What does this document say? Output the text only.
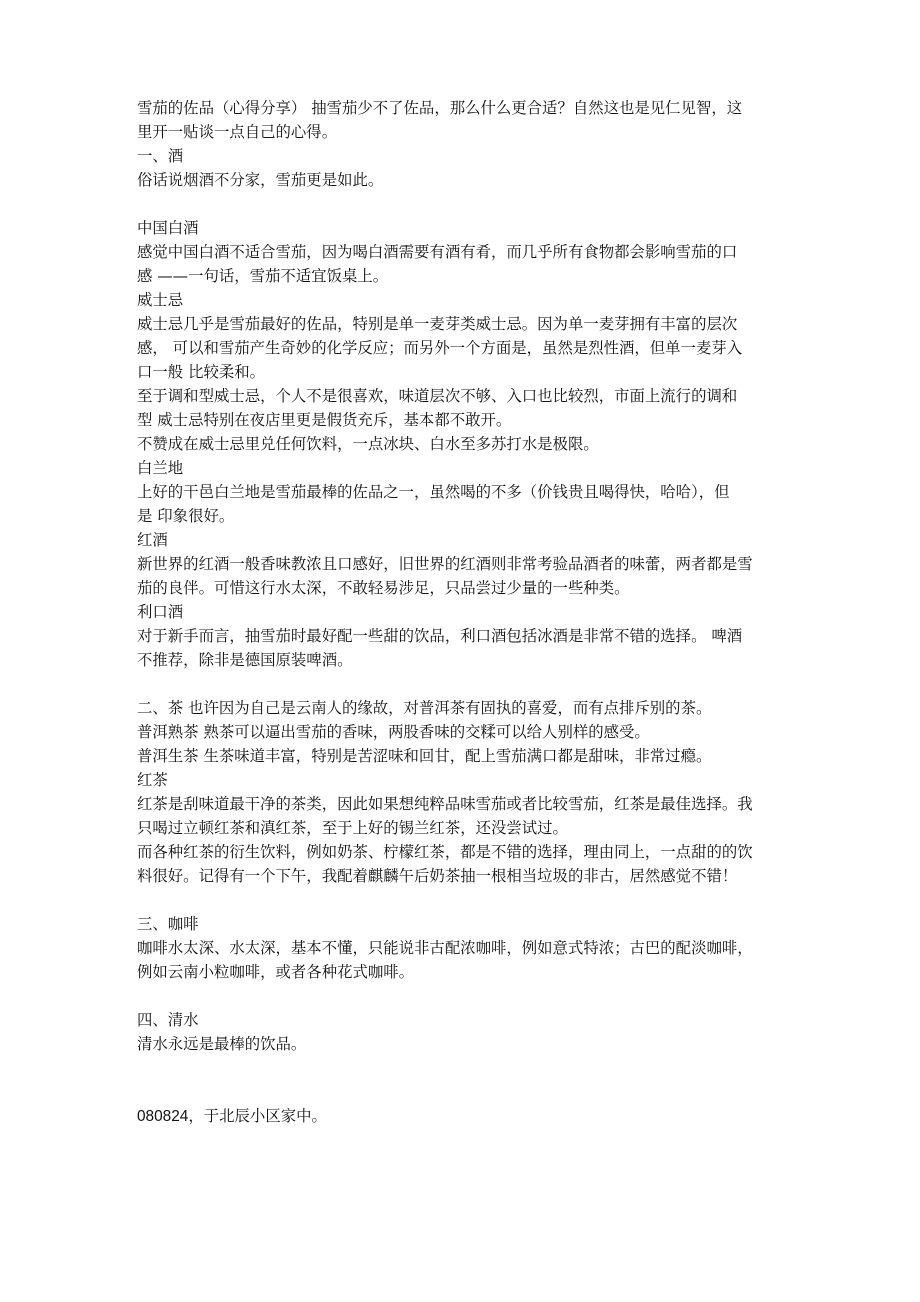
雪茄的佐品（心得分享） 抽雪茄少不了佐品，那么什么更合适？自然这也是见仁见智，这

里开一贴谈一点自己的心得。

一、酒

俗话说烟酒不分家，雪茄更是如此。

中国白酒

感觉中国白酒不适合雪茄，因为喝白酒需要有酒有肴，而几乎所有食物都会影响雪茄的口

感 ——一句话，雪茄不适宜饭桌上。

威士忌

威士忌几乎是雪茄最好的佐品，特别是单一麦芽类威士忌。因为单一麦芽拥有丰富的层次

感， 可以和雪茄产生奇妙的化学反应；而另外一个方面是，虽然是烈性酒，但单一麦芽入

口一般 比较柔和。

至于调和型威士忌，个人不是很喜欢，味道层次不够、入口也比较烈，市面上流行的调和

型 威士忌特别在夜店里更是假货充斥，基本都不敢开。

不赞成在威士忌里兑任何饮料，一点冰块、白水至多苏打水是极限。

白兰地

上好的干邑白兰地是雪茄最棒的佐品之一，虽然喝的不多（价钱贵且喝得快，哈哈），但

是 印象很好。

红酒

新世界的红酒一般香味教浓且口感好，旧世界的红酒则非常考验品酒者的味蕾，两者都是雪

茄的良伴。可惜这行水太深，不敢轻易涉足，只品尝过少量的一些种类。

利口酒

对于新手而言，抽雪茄时最好配一些甜的饮品，利口酒包括冰酒是非常不错的选择。 啤酒

不推荐，除非是德国原装啤酒。

二、茶 也许因为自己是云南人的缘故，对普洱茶有固执的喜爱，而有点排斥别的茶。

普洱熟茶 熟茶可以逼出雪茄的香味，两股香味的交糅可以给人别样的感受。

普洱生茶 生茶味道丰富，特别是苦涩味和回甘，配上雪茄满口都是甜味，非常过瘾。

红茶

红茶是刮味道最干净的茶类，因此如果想纯粹品味雪茄或者比较雪茄，红茶是最佳选择。我

只喝过立顿红茶和滇红茶，至于上好的锡兰红茶，还没尝试过。

而各种红茶的衍生饮料，例如奶茶、柠檬红茶，都是不错的选择，理由同上，一点甜的的饮

料很好。记得有一个下午，我配着麒麟午后奶茶抽一根相当垃圾的非古，居然感觉不错！

三、咖啡

咖啡水太深、水太深，基本不懂，只能说非古配浓咖啡，例如意式特浓；古巴的配淡咖啡，

例如云南小粒咖啡，或者各种花式咖啡。

四、清水

清水永远是最棒的饮品。

080824，于北辰小区家中。
